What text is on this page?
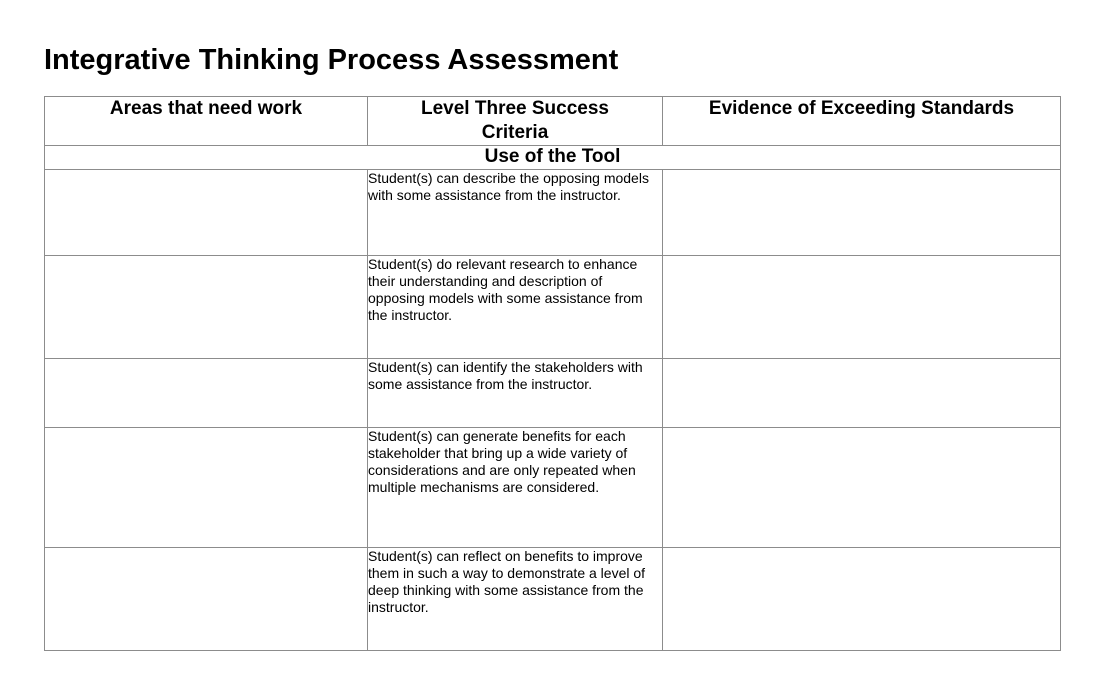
Integrative Thinking Process Assessment
Areas that need work	Level Three Success Criteria	Evidence of Exceeding Standards
Use of the Tool		
	Student(s) can describe the opposing models with some assistance from the instructor.	
	Student(s) do relevant research to enhance their understanding and description of opposing models with some assistance from the instructor.	
	Student(s) can identify the stakeholders with some assistance from the instructor.	
	Student(s) can generate benefits for each stakeholder that bring up a wide variety of considerations and are only repeated when multiple mechanisms are considered.	
	Student(s) can reflect on benefits to improve them in such a way to demonstrate a level of deep thinking with some assistance from the instructor.	
